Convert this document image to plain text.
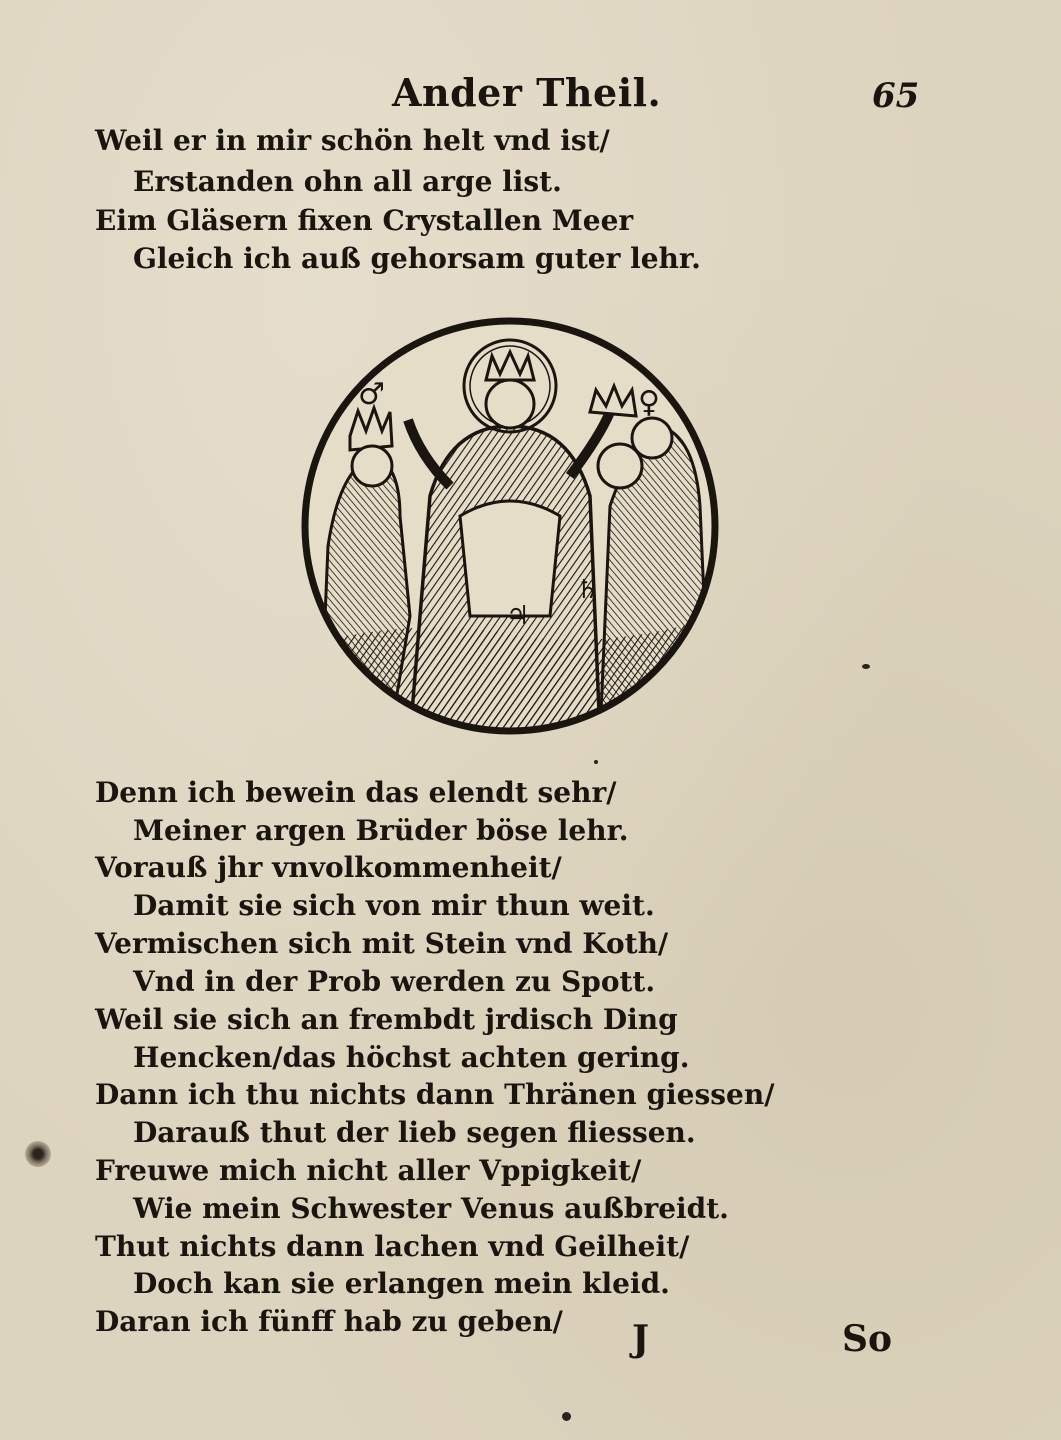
Ander Theil.	65
Weil er in mir schön helt vnd ist/
Erstanden ohn all arge list.
Eim Gläsern fixen Crystallen Meer
Gleich ich auß gehorsam guter lehr.
♂	♀
♄
♃
Denn ich bewein das elendt sehr/
Meiner argen Brüder böse lehr.
Vorauß jhr vnvolkommenheit/
Damit sie sich von mir thun weit.
Vermischen sich mit Stein vnd Koth/
Vnd in der Prob werden zu Spott.
Weil sie sich an frembdt jrdisch Ding
Hencken/das höchst achten gering.
Dann ich thu nichts dann Thränen giessen/
Darauß thut der lieb segen fliessen.
Freuwe mich nicht aller Vppigkeit/
Wie mein Schwester Venus außbreidt.
Thut nichts dann lachen vnd Geilheit/
Doch kan sie erlangen mein kleid.
Daran ich fünff hab zu geben/ J	So
